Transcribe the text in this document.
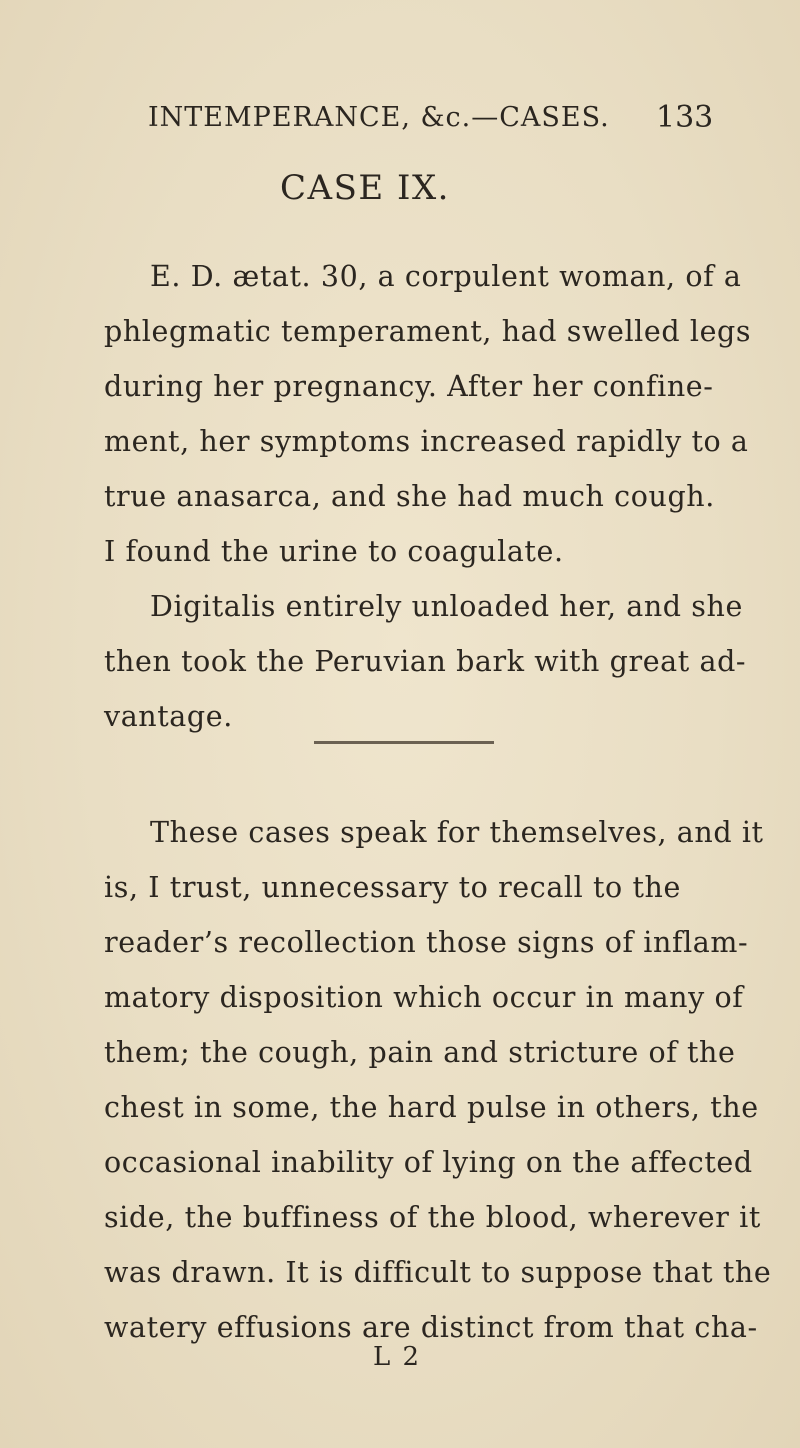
INTEMPERANCE, &c.—CASES. 133
CASE IX.
E. D. ætat. 30, a corpulent woman, of a
phlegmatic temperament, had swelled legs
during her pregnancy. After her confine-
ment, her symptoms increased rapidly to a
true anasarca, and she had much cough.
I found the urine to coagulate.
Digitalis entirely unloaded her, and she
then took the Peruvian bark with great ad-
vantage.
These cases speak for themselves, and it
is, I trust, unnecessary to recall to the
reader’s recollection those signs of inflam-
matory disposition which occur in many of
them; the cough, pain and stricture of the
chest in some, the hard pulse in others, the
occasional inability of lying on the affected
side, the buffiness of the blood, wherever it
was drawn. It is difficult to suppose that the
watery effusions are distinct from that cha-
L 2
